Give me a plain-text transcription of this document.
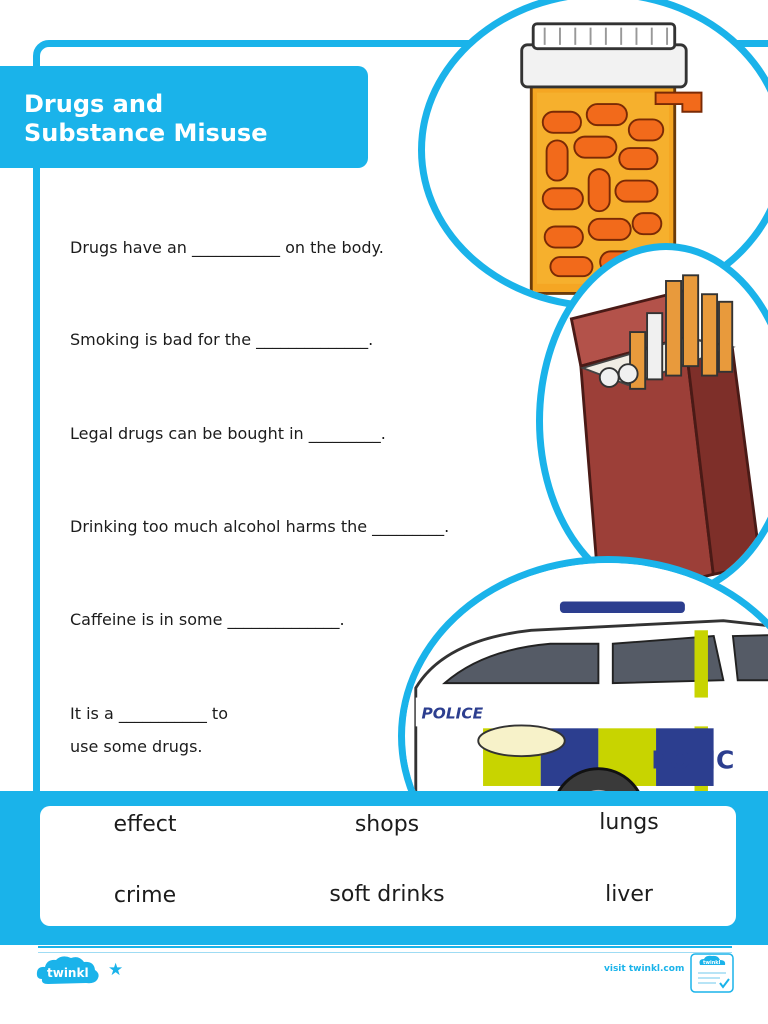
Drugs and Substance Misuse
Drugs have an ___________ on the body.
Smoking is bad for the ______________.
Legal drugs can be bought in _________.
Drinking too much alcohol harms the _________.
Caffeine is in some ______________.
It is a ___________ to
use some drugs.
POLICE
POLIC
effect	shops	lungs
crime	soft drinks	liver
twinkl ★	visit twinkl.com
twinkl
